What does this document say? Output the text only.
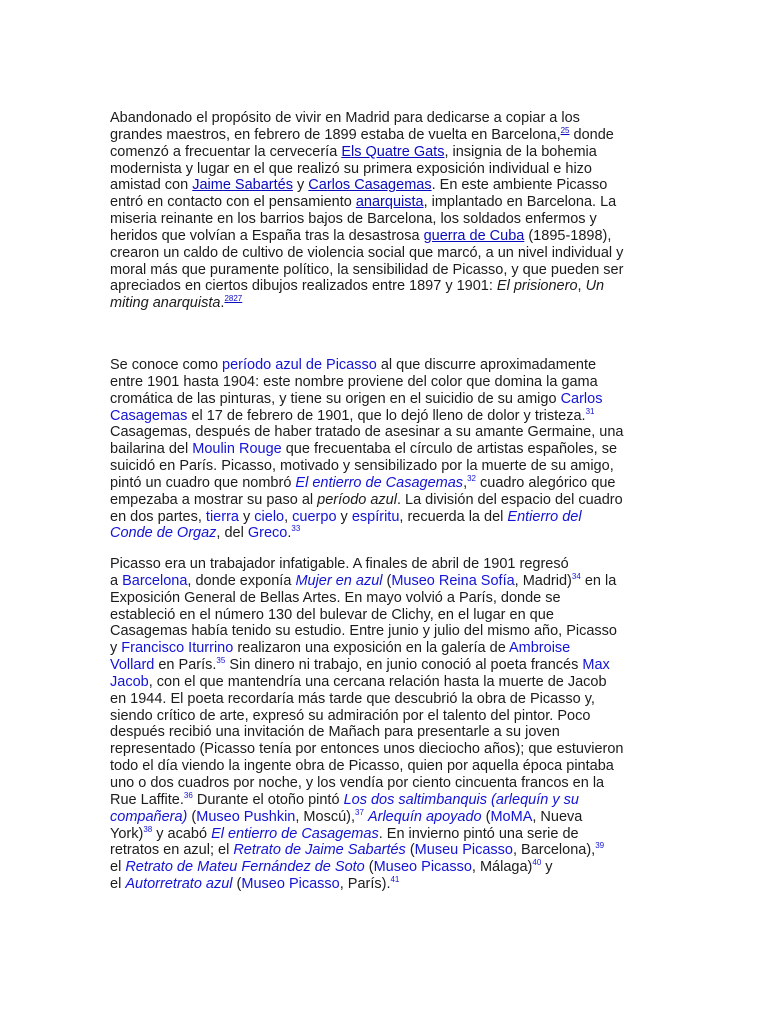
Abandonado el propósito de vivir en Madrid para dedicarse a copiar a los
grandes maestros, en febrero de 1899 estaba de vuelta en Barcelona,$^{25}$ donde
comenzó a frecuentar la cervecería Els Quatre Gats, insignia de la bohemia
modernista y lugar en el que realizó su primera exposición individual e hizo
amistad con Jaime Sabartés y Carlos Casagemas. En este ambiente Picasso
entró en contacto con el pensamiento anarquista, implantado en Barcelona. La
miseria reinante en los barrios bajos de Barcelona, los soldados enfermos y
heridos que volvían a España tras la desastrosa guerra de Cuba (1895-1898),
crearon un caldo de cultivo de violencia social que marcó, a un nivel individual y
moral más que puramente político, la sensibilidad de Picasso, y que pueden ser
apreciados en ciertos dibujos realizados entre 1897 y 1901: El prisionero, Un
miting anarquista.$^{2827}$

Se conoce como período azul de Picasso al que discurre aproximadamente
entre 1901 hasta 1904: este nombre proviene del color que domina la gama
cromática de las pinturas, y tiene su origen en el suicidio de su amigo Carlos
Casagemas el 17 de febrero de 1901, que lo dejó lleno de dolor y tristeza.$^{31}$
Casagemas, después de haber tratado de asesinar a su amante Germaine, una
bailarina del Moulin Rouge que frecuentaba el círculo de artistas españoles, se
suicidó en París. Picasso, motivado y sensibilizado por la muerte de su amigo,
pintó un cuadro que nombró El entierro de Casagemas,$^{32}$ cuadro alegórico que
empezaba a mostrar su paso al período azul. La división del espacio del cuadro
en dos partes, tierra y cielo, cuerpo y espíritu, recuerda la del Entierro del
Conde de Orgaz, del Greco.$^{33}$

Picasso era un trabajador infatigable. A finales de abril de 1901 regresó
a Barcelona, donde exponía Mujer en azul (Museo Reina Sofía, Madrid)$^{34}$ en la
Exposición General de Bellas Artes. En mayo volvió a París, donde se
estableció en el número 130 del bulevar de Clichy, en el lugar en que
Casagemas había tenido su estudio. Entre junio y julio del mismo año, Picasso
y Francisco Iturrino realizaron una exposición en la galería de Ambroise
Vollard en París.$^{35}$ Sin dinero ni trabajo, en junio conoció al poeta francés Max
Jacob, con el que mantendría una cercana relación hasta la muerte de Jacob
en 1944. El poeta recordaría más tarde que descubrió la obra de Picasso y,
siendo crítico de arte, expresó su admiración por el talento del pintor. Poco
después recibió una invitación de Mañach para presentarle a su joven
representado (Picasso tenía por entonces unos dieciocho años); que estuvieron
todo el día viendo la ingente obra de Picasso, quien por aquella época pintaba
uno o dos cuadros por noche, y los vendía por ciento cincuenta francos en la
Rue Laffite.$^{36}$ Durante el otoño pintó Los dos saltimbanquis (arlequín y su
compañera) (Museo Pushkin, Moscú),$^{37}$ Arlequín apoyado (MoMA, Nueva
York)$^{38}$ y acabó El entierro de Casagemas. En invierno pintó una serie de
retratos en azul; el Retrato de Jaime Sabartés (Museu Picasso, Barcelona),$^{39}$
el Retrato de Mateu Fernández de Soto (Museo Picasso, Málaga)$^{40}$ y
el Autorretrato azul (Museo Picasso, París).$^{41}$
